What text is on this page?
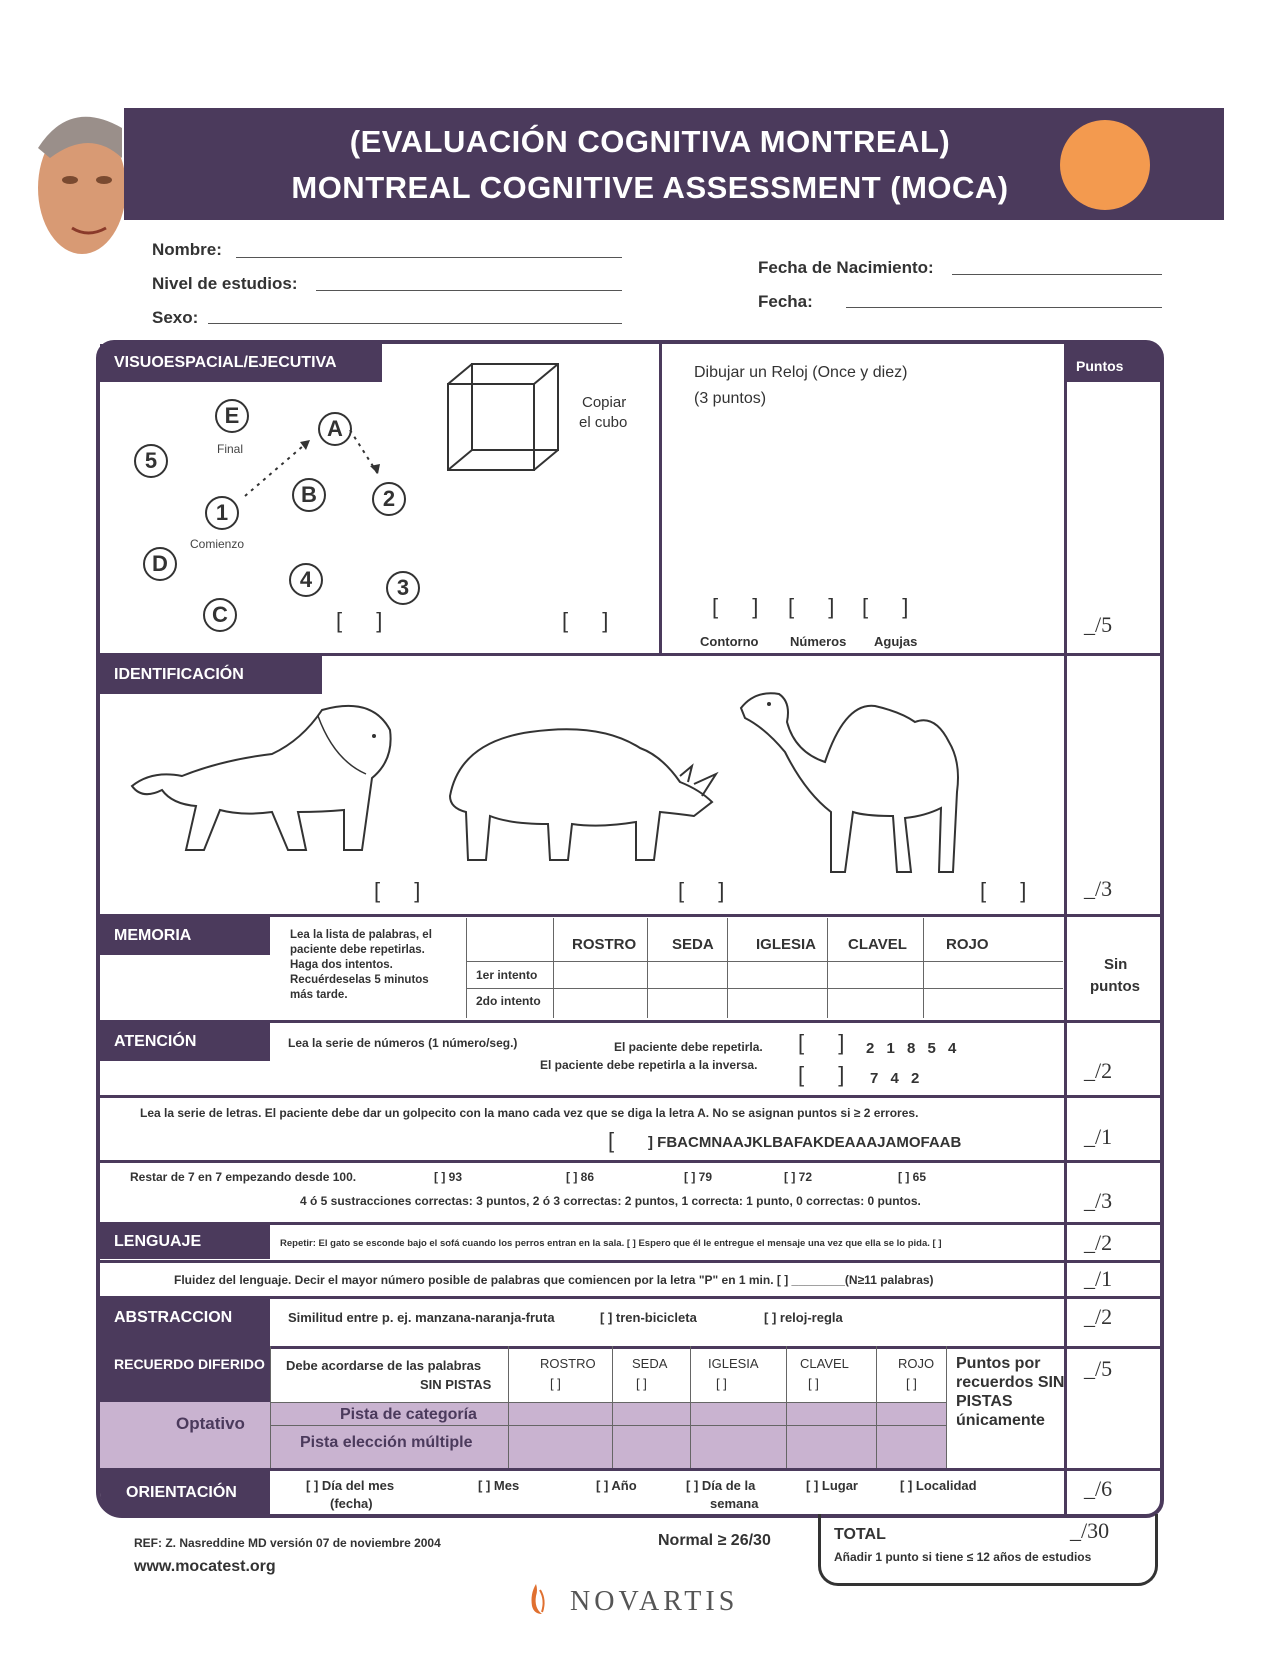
(EVALUACIÓN COGNITIVA MONTREAL)
MONTREAL COGNITIVE ASSESSMENT (MOCA)
Nombre:
Nivel de estudios:
Sexo:
Fecha de Nacimiento:
Fecha:
Puntos
VISUOESPACIAL/EJECUTIVA
E
A
5
B	2
1
D
4	3
C
Final
Comienzo
[ ]
Copiar
el cubo
[ ]
Dibujar un Reloj (Once y diez)
(3 puntos)
[ ] [ ] [ ]
Contorno Números Agujas
_/5
IDENTIFICACIÓN
[ ]	[ ]	[ ] _/3
MEMORIA	Lea la lista de palabras, el paciente debe repetirlas. Haga dos intentos. Recuérdeselas 5 minutos más tarde.
ROSTRO SEDA	IGLESIA CLAVEL	ROJO
1er intento
2do intento
Sin
puntos
ATENCIÓN	Lea la serie de números (1 número/seg.)	El paciente debe repetirla.
El paciente debe repetirla a la inversa.
[ ]
[ ]
2 1 8 5 4
7 4 2	_/2
Lea la serie de letras. El paciente debe dar un golpecito con la mano cada vez que se diga la letra A. No se asignan puntos si ≥ 2 errores.
[ ] FBACMNAAJKLBAFAKDEAAAJAMOFAAB	_/1
Restar de 7 en 7 empezando desde 100.	[ ] 93	[ ] 86	[ ] 79	[ ] 72	[ ] 65
4 ó 5 sustracciones correctas: 3 puntos, 2 ó 3 correctas: 2 puntos, 1 correcta: 1 punto, 0 correctas: 0 puntos.	_/3
LENGUAJE	Repetir: El gato se esconde bajo el sofá cuando los perros entran en la sala. [ ] Espero que él le entregue el mensaje una vez que ella se lo pida. [ ]	_/2
Fluidez del lenguaje. Decir el mayor número posible de palabras que comiencen por la letra "P" en 1 min. [ ] ________(N≥11 palabras)	_/1
ABSTRACCION	Similitud entre p. ej. manzana-naranja-fruta	[ ] tren-bicicleta	[ ] reloj-regla	_/2
RECUERDO DIFERIDO Debe acordarse de las palabras
SIN PISTAS
ROSTRO	SEDA	IGLESIA	CLAVEL	ROJO
[ ]	[ ]	[ ]	[ ]	[ ]
Optativo	Pista de categoría
Pista elección múltiple
Puntos por recuerdos SIN PISTAS únicamente
_/5
ORIENTACIÓN	[ ] Día del mes
(fecha)
[ ] Mes	[ ] Año	[ ] Día de la
semana
[ ] Lugar	[ ] Localidad	_/6
REF: Z. Nasreddine MD versión 07 de noviembre 2004
www.mocatest.org
Normal ≥ 26/30	TOTAL	_/30
Añadir 1 punto si tiene ≤ 12 años de estudios
NOVARTIS
